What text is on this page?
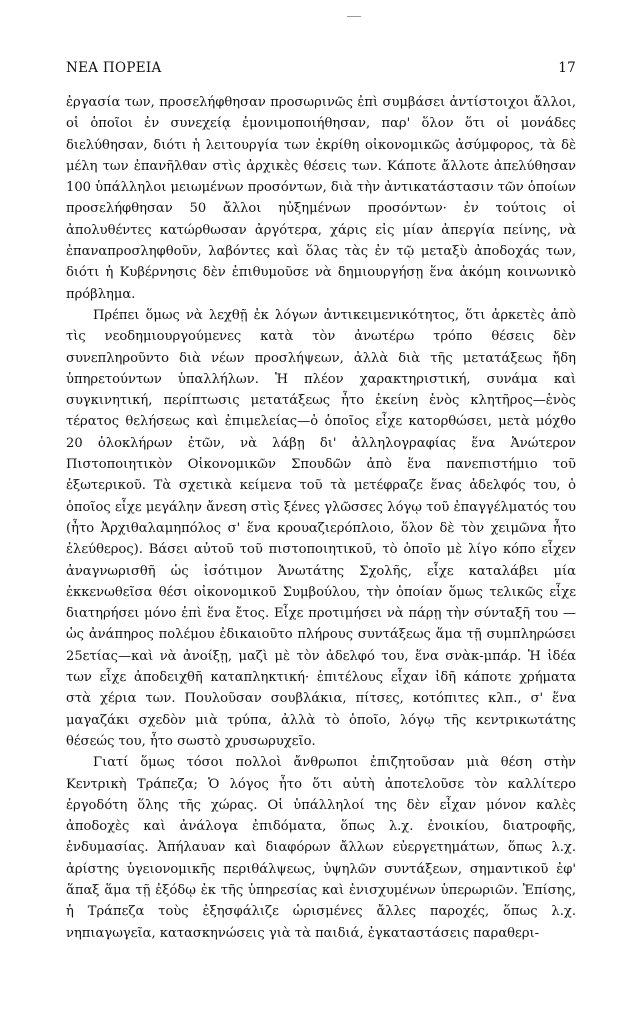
ΝΕΑ ΠΟΡΕΙΑ	17

ἐργασία των, προσελήφθησαν προσωρινῶς ἐπὶ συμβάσει ἀντίστοιχοι ἄλλοι, οἱ ὁποῖοι ἐν συνεχείᾳ ἐμονιμοποιήθησαν, παρ' ὅλον ὅτι οἱ μονάδες διελύθησαν, διότι ἡ λειτουργία των ἐκρίθη οἰκονομικῶς ἀσύμφορος, τὰ δὲ μέλη των ἐπανῆλθαν στὶς ἀρχικὲς θέσεις των. Κάποτε ἄλλοτε ἀπελύθησαν 100 ὑπάλληλοι μειωμένων προσόντων, διὰ τὴν ἀντικατάστασιν τῶν ὁποίων προσελήφθησαν 50 ἄλλοι ηὐξημένων προσόντων· ἐν τούτοις οἱ ἀπολυθέντες κατώρθωσαν ἀργότερα, χάρις εἰς μίαν ἀπεργία πείνης, νὰ ἐπαναπροσληφθοῦν, λαβόντες καὶ ὅλας τὰς ἐν τῷ μεταξὺ ἀποδοχάς των, διότι ἡ Κυβέρνησις δὲν ἐπιθυμοῦσε νὰ δημιουργήσῃ ἕνα ἀκόμη κοινωνικὸ πρόβλημα.

Πρέπει ὅμως νὰ λεχθῇ ἐκ λόγων ἀντικειμενικότητος, ὅτι ἀρκετὲς ἀπὸ τὶς νεοδημιουργούμενες κατὰ τὸν ἀνωτέρω τρόπο θέσεις δὲν συνεπληροῦντο διὰ νέων προσλήψεων, ἀλλὰ διὰ τῆς μετατάξεως ἤδη ὑπηρετούντων ὑπαλλήλων. Ἡ πλέον χαρακτηριστική, συνάμα καὶ συγκινητική, περίπτωσις μετατάξεως ἦτο ἐκείνη ἑνὸς κλητῆρος—ἑνὸς τέρατος θελήσεως καὶ ἐπιμελείας—ὁ ὁποῖος εἶχε κατορθώσει, μετὰ μόχθο 20 ὁλοκλήρων ἐτῶν, νὰ λάβῃ δι' ἀλληλογραφίας ἕνα Ἀνώτερον Πιστοποιητικὸν Οἰκονομικῶν Σπουδῶν ἀπὸ ἕνα πανεπιστήμιο τοῦ ἐξωτερικοῦ. Τὰ σχετικὰ κείμενα τοῦ τὰ μετέφραζε ἕνας ἀδελφός του, ὁ ὁποῖος εἶχε μεγάλην ἄνεση στὶς ξένες γλῶσσες λόγῳ τοῦ ἐπαγγέλματός του (ἦτο Ἀρχιθαλαμηπόλος σ' ἕνα κρουαζιερόπλοιο, ὅλον δὲ τὸν χειμῶνα ἦτο ἐλεύθερος). Βάσει αὐτοῦ τοῦ πιστοποιητικοῦ, τὸ ὁποῖο μὲ λίγο κόπο εἶχεν ἀναγνωρισθῆ ὡς ἰσότιμον Ἀνωτάτης Σχολῆς, εἶχε καταλάβει μία ἐκκενωθεῖσα θέσι οἰκονομικοῦ Συμβούλου, τὴν ὁποίαν ὅμως τελικῶς εἶχε διατηρήσει μόνο ἐπὶ ἕνα ἔτος. Εἶχε προτιμήσει νὰ πάρῃ τὴν σύνταξῆ του —ὡς ἀνάπηρος πολέμου ἐδικαιοῦτο πλήρους συντάξεως ἅμα τῇ συμπληρώσει 25ετίας—καὶ νὰ ἀνοίξῃ, μαζὶ μὲ τὸν ἀδελφό του, ἕνα σνὰκ-μπάρ. Ἡ ἰδέα των εἶχε ἀποδειχθῆ καταπληκτική· ἐπιτέλους εἶχαν ἰδῆ κάποτε χρήματα στὰ χέρια των. Πουλοῦσαν σουβλάκια, πίτσες, κοτόπιτες κλπ., σ' ἕνα μαγαζάκι σχεδὸν μιὰ τρύπα, ἀλλὰ τὸ ὁποῖο, λόγῳ τῆς κεντρικωτάτης θέσεώς του, ἦτο σωστὸ χρυσωρυχεῖο.

Γιατί ὅμως τόσοι πολλοὶ ἄνθρωποι ἐπιζητοῦσαν μιὰ θέση στὴν Κεντρικὴ Τράπεζα; Ὁ λόγος ἦτο ὅτι αὐτὴ ἀποτελοῦσε τὸν καλλίτερο ἐργοδότη ὅλης τῆς χώρας. Οἱ ὑπάλληλοί της δὲν εἶχαν μόνον καλὲς ἀποδοχὲς καὶ ἀνάλογα ἐπιδόματα, ὅπως λ.χ. ἐνοικίου, διατροφῆς, ἐνδυμασίας. Ἀπήλαυαν καὶ διαφόρων ἄλλων εὐεργετημάτων, ὅπως λ.χ. ἀρίστης ὑγειονομικῆς περιθάλψεως, ὑψηλῶν συντάξεων, σημαντικοῦ ἐφ' ἅπαξ ἅμα τῇ ἐξόδῳ ἐκ τῆς ὑπηρεσίας καὶ ἐνισχυμένων ὑπερωριῶν. Ἐπίσης, ἡ Τράπεζα τοὺς ἐξησφάλιζε ὡρισμένες ἄλλες παροχές, ὅπως λ.χ. νηπιαγωγεῖα, κατασκηνώσεις γιὰ τὰ παιδιά, ἐγκαταστάσεις παραθερι-
